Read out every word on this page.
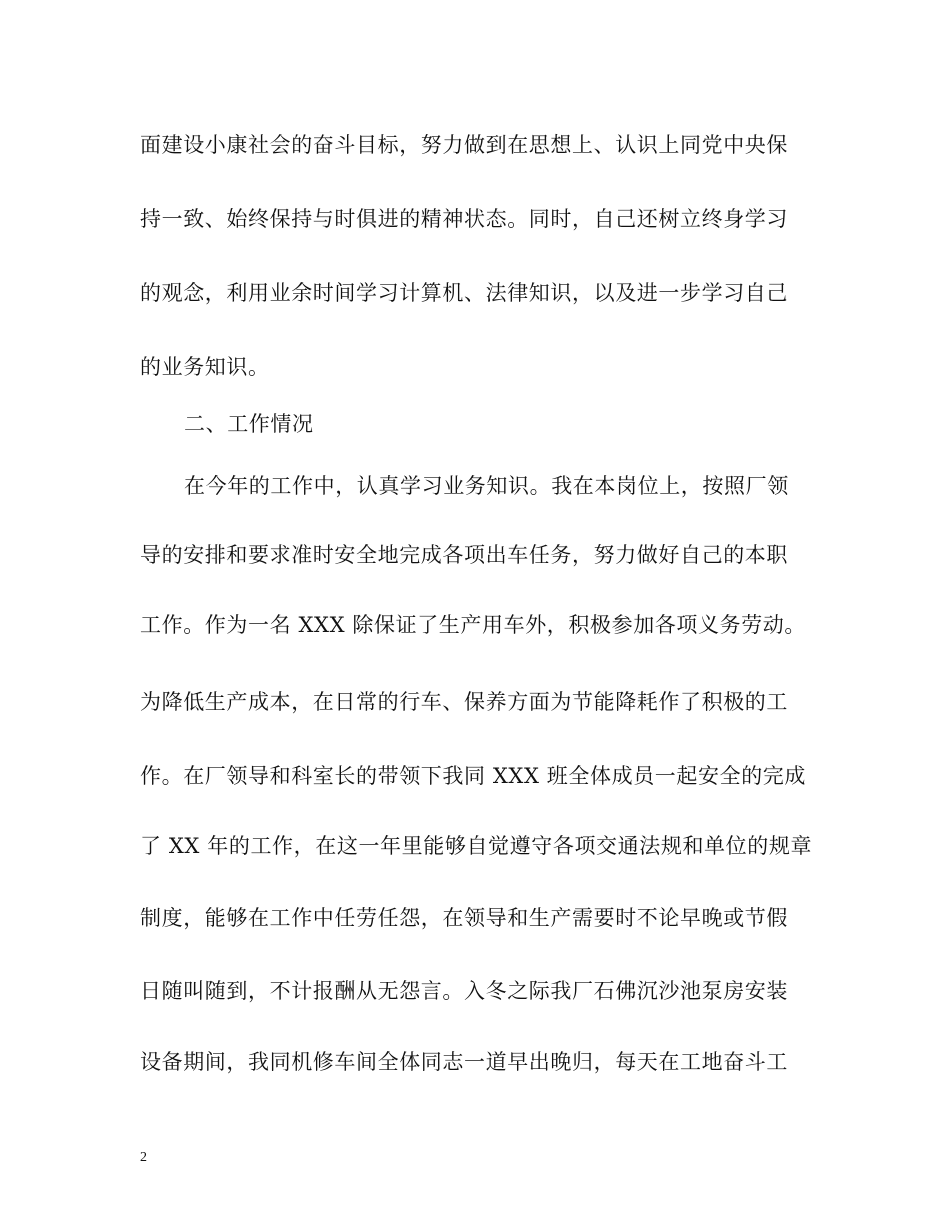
面建设小康社会的奋斗目标，努力做到在思想上、认识上同党中央保
持一致、始终保持与时俱进的精神状态。同时，自己还树立终身学习
的观念，利用业余时间学习计算机、法律知识，以及进一步学习自己
的业务知识。
二、工作情况
在今年的工作中，认真学习业务知识。我在本岗位上，按照厂领
导的安排和要求准时安全地完成各项出车任务，努力做好自己的本职
工作。作为一名 XXX 除保证了生产用车外，积极参加各项义务劳动。
为降低生产成本，在日常的行车、保养方面为节能降耗作了积极的工
作。在厂领导和科室长的带领下我同 XXX 班全体成员一起安全的完成
了 XX 年的工作，在这一年里能够自觉遵守各项交通法规和单位的规章
制度，能够在工作中任劳任怨，在领导和生产需要时不论早晚或节假
日随叫随到，不计报酬从无怨言。入冬之际我厂石佛沉沙池泵房安装
设备期间，我同机修车间全体同志一道早出晚归，每天在工地奋斗工
2
